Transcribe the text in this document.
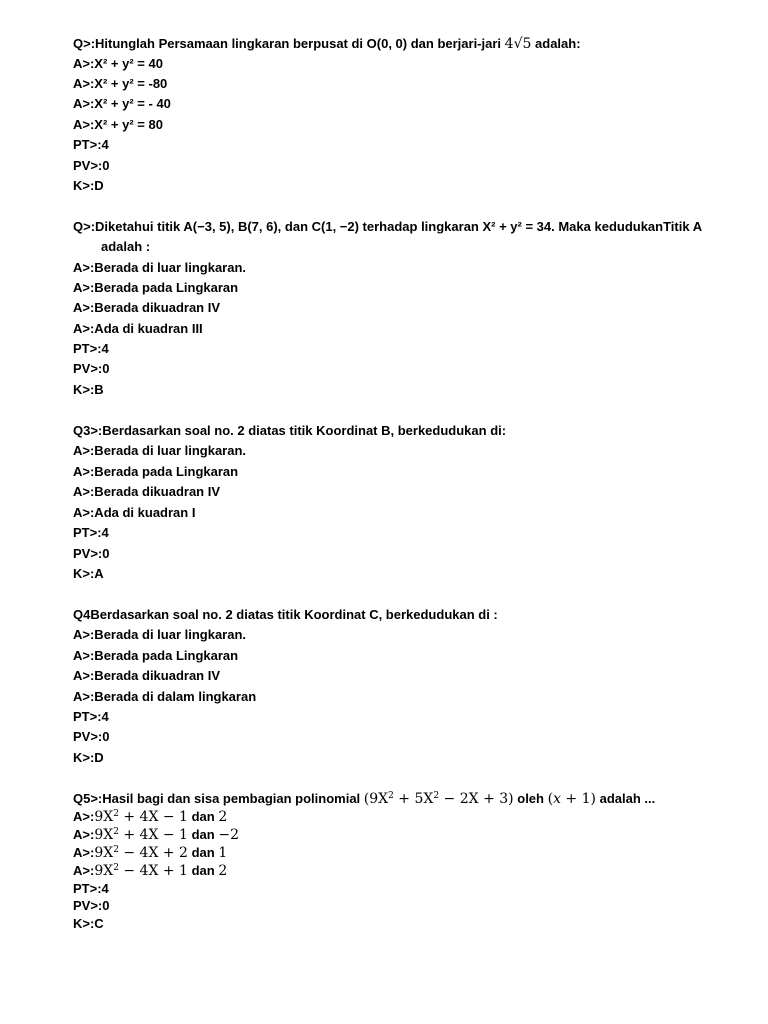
Q>:Hitunglah Persamaan lingkaran berpusat di O(0, 0) dan berjari-jari 4√5 adalah:
A>:X² + y² = 40
A>:X² + y² = -80
A>:X² + y² = - 40
A>:X² + y² = 80
PT>:4
PV>:0
K>:D
Q>:Diketahui titik A(−3, 5), B(7, 6), dan C(1, −2) terhadap lingkaran X² + y² = 34. Maka kedudukanTitik A
adalah :
A>:Berada di luar lingkaran.
A>:Berada pada Lingkaran
A>:Berada dikuadran IV
A>:Ada di kuadran III
PT>:4
PV>:0
K>:B
Q3>:Berdasarkan soal no. 2 diatas titik Koordinat B, berkedudukan di:
A>:Berada di luar lingkaran.
A>:Berada pada Lingkaran
A>:Berada dikuadran IV
A>:Ada di kuadran I
PT>:4
PV>:0
K>:A
Q4Berdasarkan soal no. 2 diatas titik Koordinat C, berkedudukan di :
A>:Berada di luar lingkaran.
A>:Berada pada Lingkaran
A>:Berada dikuadran IV
A>:Berada di dalam lingkaran
PT>:4
PV>:0
K>:D
Q5>:Hasil bagi dan sisa pembagian polinomial $(9X^2 + 5X^2 - 2X + 3)$ oleh (x + 1) adalah ...
$A>:9X^2 + 4X - 1$ dan 2
$A>:9X^2 + 4X - 1$ dan −2
$A>:9X^2 - 4X + 2$ dan 1
$A>:9X^2 - 4X + 1$ dan 2
PT>:4
PV>:0
K>:C
